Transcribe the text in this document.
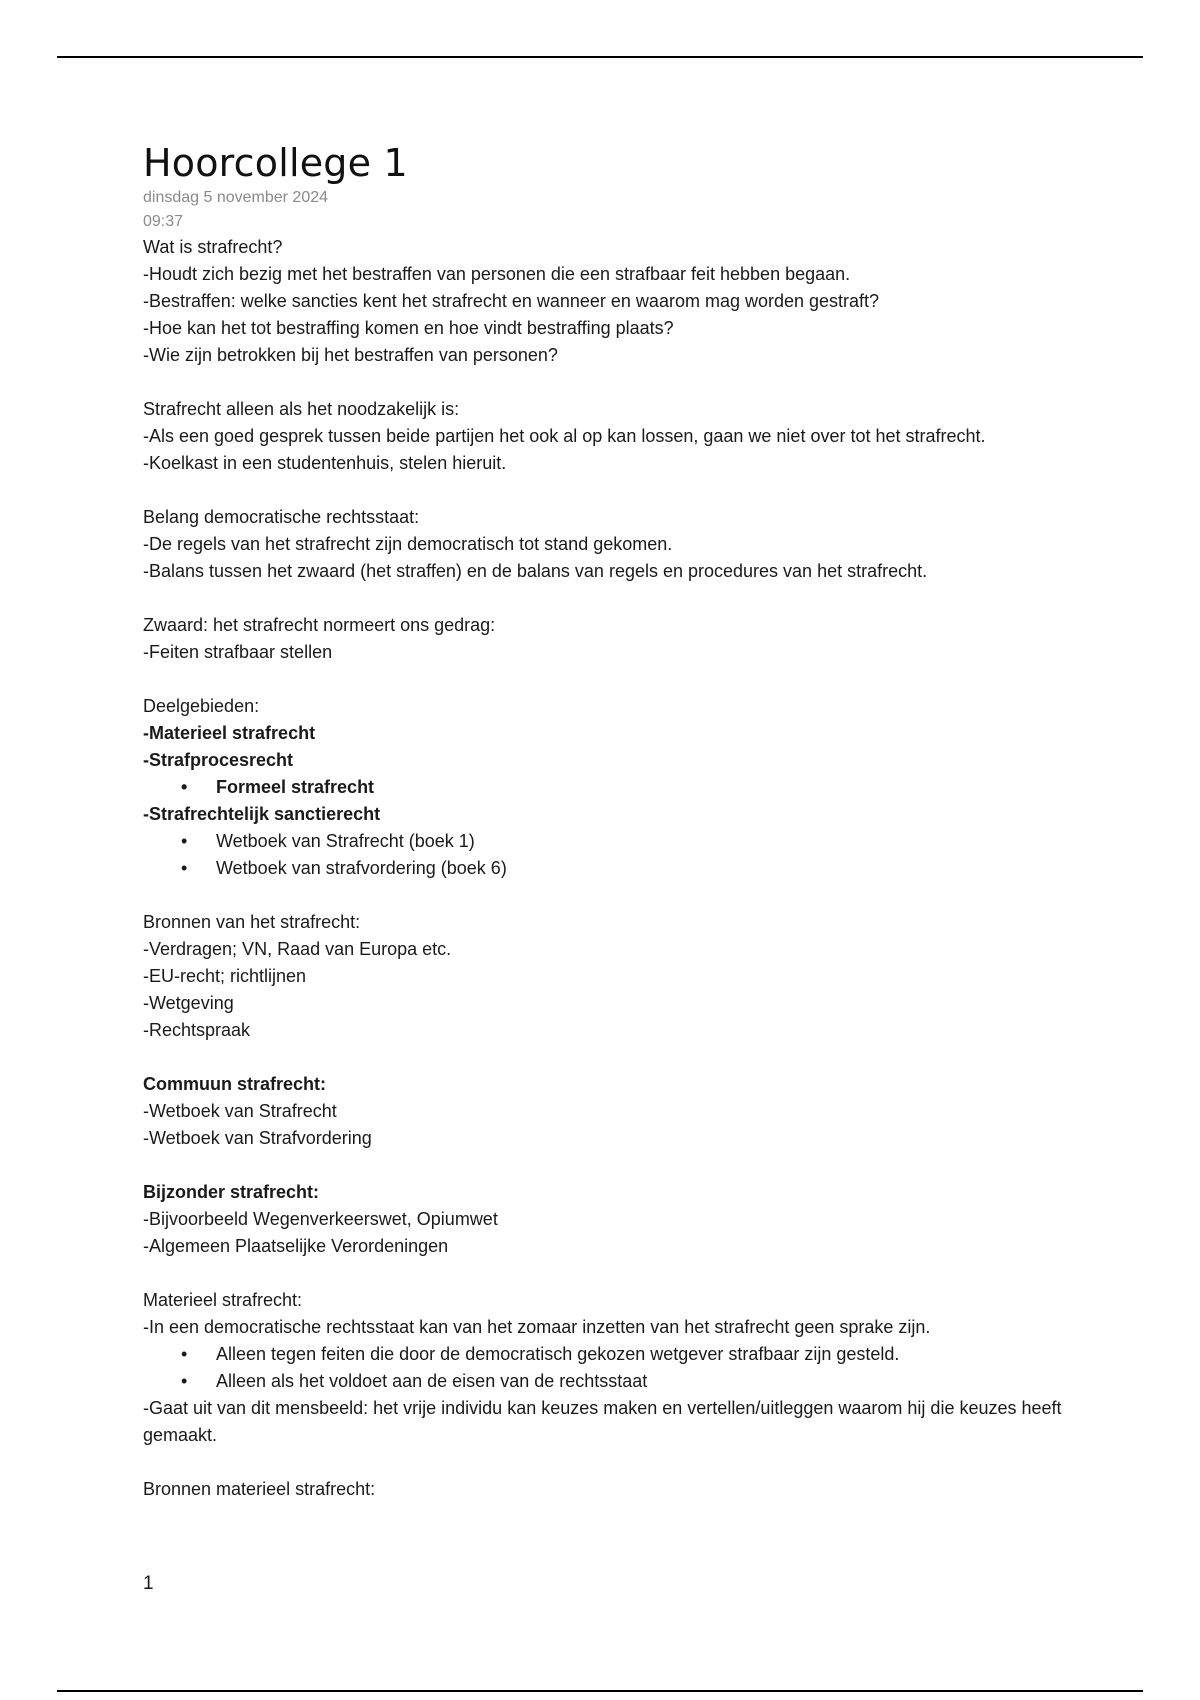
Hoorcollege 1
dinsdag 5 november 2024
09:37
Wat is strafrecht?
-Houdt zich bezig met het bestraffen van personen die een strafbaar feit hebben begaan.
-Bestraffen: welke sancties kent het strafrecht en wanneer en waarom mag worden gestraft?
-Hoe kan het tot bestraffing komen en hoe vindt bestraffing plaats?
-Wie zijn betrokken bij het bestraffen van personen?
Strafrecht alleen als het noodzakelijk is:
-Als een goed gesprek tussen beide partijen het ook al op kan lossen, gaan we niet over tot het strafrecht.
-Koelkast in een studentenhuis, stelen hieruit.
Belang democratische rechtsstaat:
-De regels van het strafrecht zijn democratisch tot stand gekomen.
-Balans tussen het zwaard (het straffen) en de balans van regels en procedures van het strafrecht.
Zwaard: het strafrecht normeert ons gedrag:
-Feiten strafbaar stellen
Deelgebieden:
-Materieel strafrecht
-Strafprocesrecht
• Formeel strafrecht
-Strafrechtelijk sanctierecht
• Wetboek van Strafrecht (boek 1)
• Wetboek van strafvordering (boek 6)
Bronnen van het strafrecht:
-Verdragen; VN, Raad van Europa etc.
-EU-recht; richtlijnen
-Wetgeving
-Rechtspraak
Commuun strafrecht:
-Wetboek van Strafrecht
-Wetboek van Strafvordering
Bijzonder strafrecht:
-Bijvoorbeeld Wegenverkeerswet, Opiumwet
-Algemeen Plaatselijke Verordeningen
Materieel strafrecht:
-In een democratische rechtsstaat kan van het zomaar inzetten van het strafrecht geen sprake zijn.
• Alleen tegen feiten die door de democratisch gekozen wetgever strafbaar zijn gesteld.
• Alleen als het voldoet aan de eisen van de rechtsstaat
-Gaat uit van dit mensbeeld: het vrije individu kan keuzes maken en vertellen/uitleggen waarom hij die keuzes heeft gemaakt.
Bronnen materieel strafrecht:
1
